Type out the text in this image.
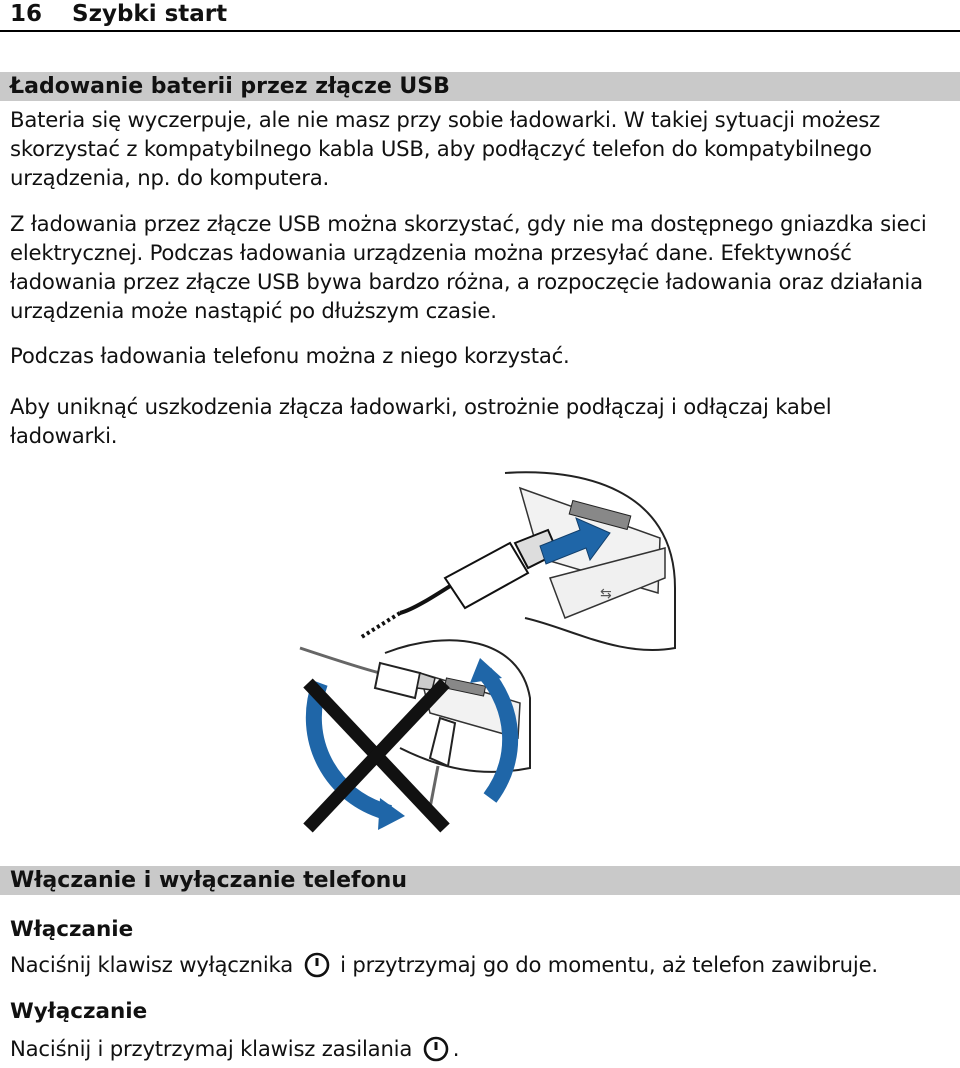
16 Szybki start
Ładowanie baterii przez złącze USB

Bateria się wyczerpuje, ale nie masz przy sobie ładowarki. W takiej sytuacji możesz
skorzystać z kompatybilnego kabla USB, aby podłączyć telefon do kompatybilnego
urządzenia, np. do komputera.

Z ładowania przez złącze USB można skorzystać, gdy nie ma dostępnego gniazdka sieci
elektrycznej. Podczas ładowania urządzenia można przesyłać dane. Efektywność
ładowania przez złącze USB bywa bardzo różna, a rozpoczęcie ładowania oraz działania
urządzenia może nastąpić po dłuższym czasie.

Podczas ładowania telefonu można z niego korzystać.

Aby uniknąć uszkodzenia złącza ładowarki, ostrożnie podłączaj i odłączaj kabel
ładowarki.

⇆
Włączanie i wyłączanie telefonu
Włączanie

Naciśnij klawisz wyłącznika i przytrzymaj go do momentu, aż telefon zawibruje.

Wyłączanie

Naciśnij i przytrzymaj klawisz zasilania .
